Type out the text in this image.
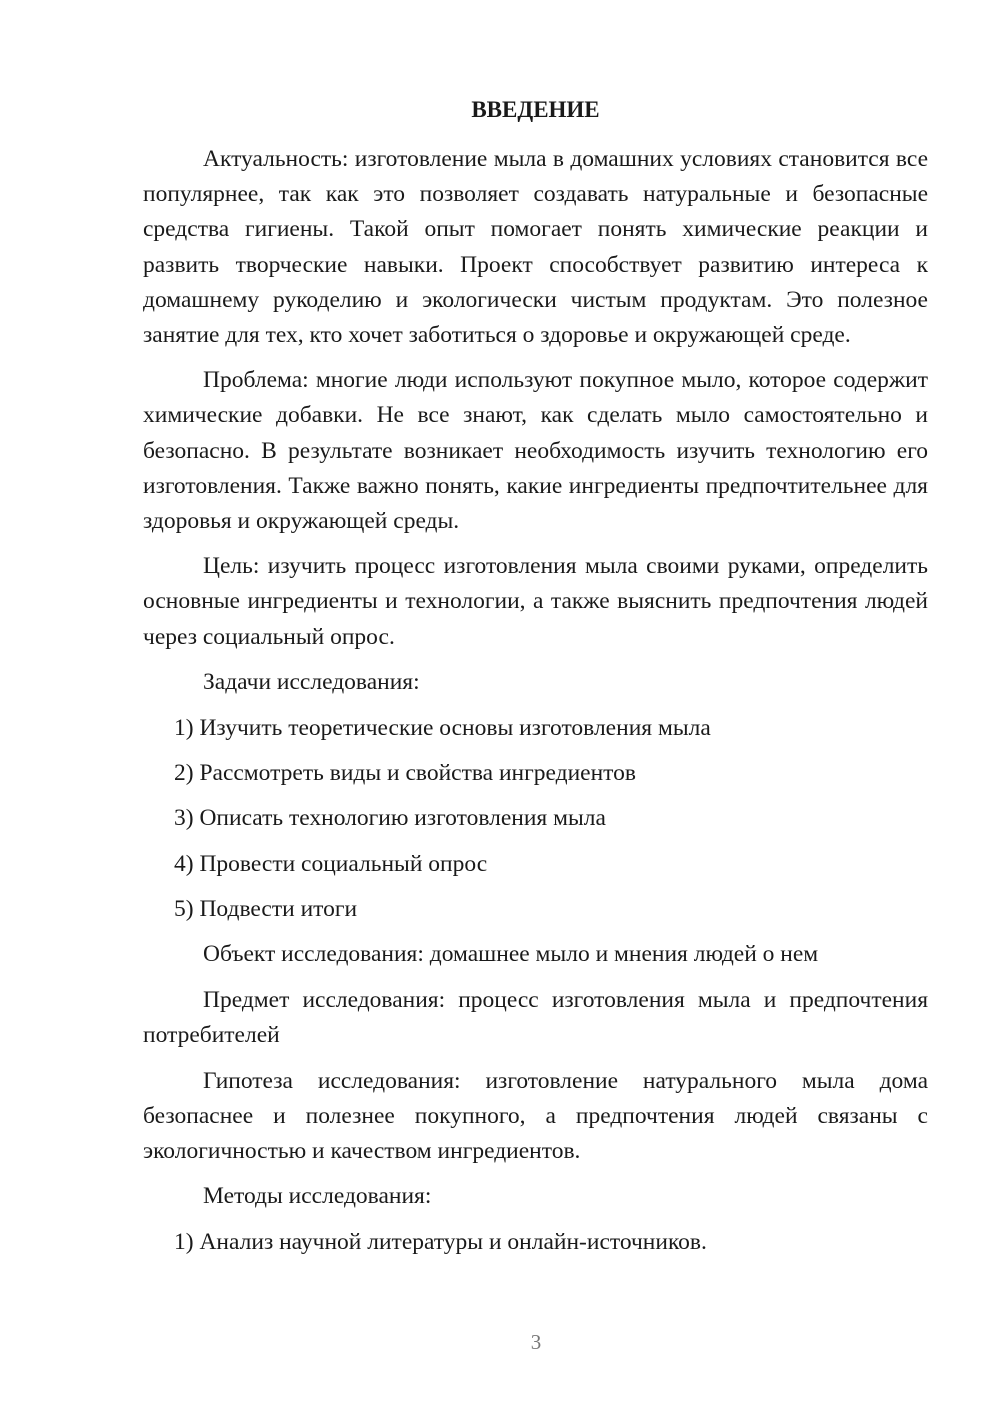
ВВЕДЕНИЕ

Актуальность: изготовление мыла в домашних условиях становится все популярнее, так как это позволяет создавать натуральные и безопасные средства гигиены. Такой опыт помогает понять химические реакции и развить творческие навыки. Проект способствует развитию интереса к домашнему рукоделию и экологически чистым продуктам. Это полезное занятие для тех, кто хочет заботиться о здоровье и окружающей среде.

Проблема: многие люди используют покупное мыло, которое содержит химические добавки. Не все знают, как сделать мыло самостоятельно и безопасно. В результате возникает необходимость изучить технологию его изготовления. Также важно понять, какие ингредиенты предпочтительнее для здоровья и окружающей среды.

Цель: изучить процесс изготовления мыла своими руками, определить основные ингредиенты и технологии, а также выяснить предпочтения людей через социальный опрос.

Задачи исследования:

1) Изучить теоретические основы изготовления мыла
2) Рассмотреть виды и свойства ингредиентов
3) Описать технологию изготовления мыла
4) Провести социальный опрос
5) Подвести итоги

Объект исследования: домашнее мыло и мнения людей о нем

Предмет исследования: процесс изготовления мыла и предпочтения потребителей

Гипотеза исследования: изготовление натурального мыла дома безопаснее и полезнее покупного, а предпочтения людей связаны с экологичностью и качеством ингредиентов.

Методы исследования:

1) Анализ научной литературы и онлайн-источников.
3
